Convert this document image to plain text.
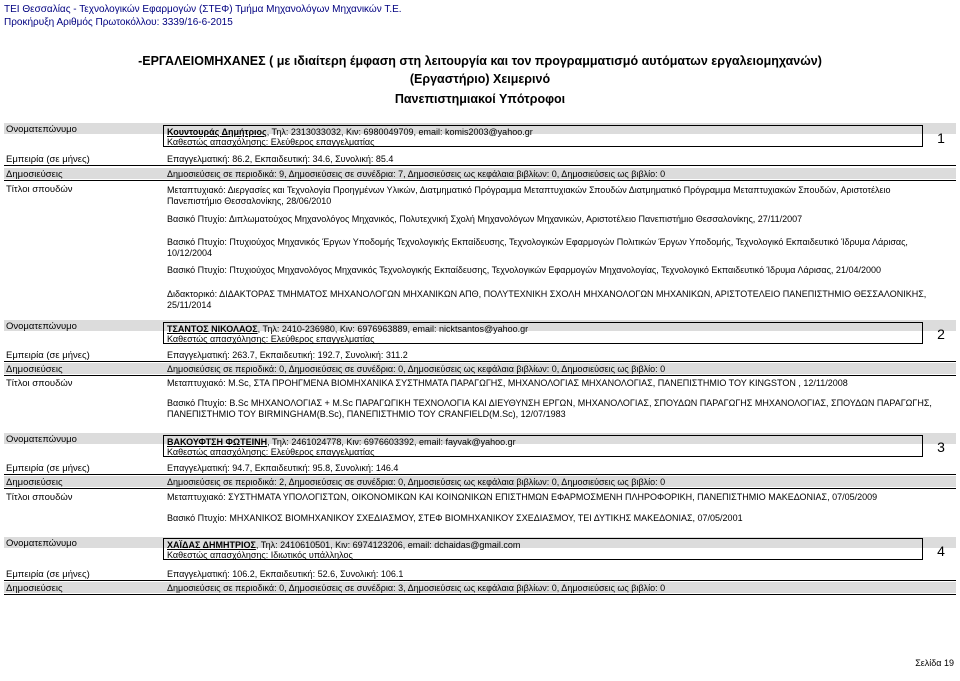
ΤΕΙ Θεσσαλίας - Τεχνολογικών Εφαρμογών (ΣΤΕΦ) Τμήμα Μηχανολόγων Μηχανικών Τ.Ε.
Προκήρυξη Αριθμός Πρωτοκόλλου: 3339/16-6-2015
-ΕΡΓΑΛΕΙΟΜΗΧΑΝΕΣ ( με ιδιαίτερη έμφαση στη λειτουργία και τον προγραμματισμό αυτόματων εργαλειομηχανών)
(Εργαστήριο) Χειμερινό
Πανεπιστημιακοί Υπότροφοι
Ονοματεπώνυμο	Κουντουράς Δημήτριος, Τηλ: 2313033032, Κιν: 6980049709, email: komis2003@yahoo.gr
Καθεστώς απασχόλησης: Ελεύθερος επαγγελματίας	1
Εμπειρία (σε μήνες)	Επαγγελματική: 86.2, Εκπαιδευτική: 34.6, Συνολική: 85.4
Δημοσιεύσεις	Δημοσιεύσεις σε περιοδικά: 9, Δημοσιεύσεις σε συνέδρια: 7, Δημοσιεύσεις ως κεφάλαια βιβλίων: 0, Δημοσιεύσεις ως βιβλίο: 0
Τίτλοι σπουδών	Μεταπτυχιακό: Διεργασίες και Τεχνολογία Προηγμένων Υλικών, Διατμηματικό Πρόγραμμα Μεταπτυχιακών Σπουδών Διατμηματικό Πρόγραμμα Μεταπτυχιακών Σπουδών, Αριστοτέλειο Πανεπιστήμιο Θεσσαλονίκης, 28/06/2010
Βασικό Πτυχίο: Διπλωματούχος Μηχανολόγος Μηχανικός, Πολυτεχνική Σχολή Μηχανολόγων Μηχανικών, Αριστοτέλειο Πανεπιστήμιο Θεσσαλονίκης, 27/11/2007
Βασικό Πτυχίο: Πτυχιούχος Μηχανικός Έργων Υποδομής Τεχνολογικής Εκπαίδευσης, Τεχνολογικών Εφαρμογών Πολιτικών Έργων Υποδομής, Τεχνολογικό Εκπαιδευτικό Ίδρυμα Λάρισας, 10/12/2004
Βασικό Πτυχίο: Πτυχιούχος Μηχανολόγος Μηχανικός Τεχνολογικής Εκπαίδευσης, Τεχνολογικών Εφαρμογών Μηχανολογίας, Τεχνολογικό Εκπαιδευτικό Ίδρυμα Λάρισας, 21/04/2000
Διδακτορικό: ΔΙΔΑΚΤΟΡΑΣ ΤΜΗΜΑΤΟΣ ΜΗΧΑΝΟΛΟΓΩΝ ΜΗΧΑΝΙΚΩΝ ΑΠΘ, ΠΟΛΥΤΕΧΝΙΚΗ ΣΧΟΛΗ ΜΗΧΑΝΟΛΟΓΩΝ ΜΗΧΑΝΙΚΩΝ, ΑΡΙΣΤΟΤΕΛΕΙΟ ΠΑΝΕΠΙΣΤΗΜΙΟ ΘΕΣΣΑΛΟΝΙΚΗΣ, 25/11/2014
Ονοματεπώνυμο	ΤΣΑΝΤΟΣ ΝΙΚΟΛΑΟΣ, Τηλ: 2410-236980, Κιν: 6976963889, email: nicktsantos@yahoo.gr
Καθεστώς απασχόλησης: Ελεύθερος επαγγελματίας	2
Εμπειρία (σε μήνες)	Επαγγελματική: 263.7, Εκπαιδευτική: 192.7, Συνολική: 311.2
Δημοσιεύσεις	Δημοσιεύσεις σε περιοδικά: 0, Δημοσιεύσεις σε συνέδρια: 0, Δημοσιεύσεις ως κεφάλαια βιβλίων: 0, Δημοσιεύσεις ως βιβλίο: 0
Τίτλοι σπουδών	Μεταπτυχιακό: M.Sc, ΣΤΑ ΠΡΟΗΓΜΕΝΑ ΒΙΟΜΗΧΑΝΙΚΑ ΣΥΣΤΗΜΑΤΑ ΠΑΡΑΓΩΓΗΣ, ΜΗΧΑΝΟΛΟΓΙΑΣ ΜΗΧΑΝΟΛΟΓΙΑΣ, ΠΑΝΕΠΙΣΤΗΜΙΟ ΤΟΥ KINGSTON , 12/11/2008
Βασικό Πτυχίο: B.Sc ΜΗΧΑΝΟΛΟΓΙΑΣ + M.Sc ΠΑΡΑΓΩΓΙΚΗ ΤΕΧΝΟΛΟΓΙΑ ΚΑΙ ΔΙΕΥΘΥΝΣΗ ΕΡΓΩΝ, ΜΗΧΑΝΟΛΟΓΙΑΣ, ΣΠΟΥΔΩΝ ΠΑΡΑΓΩΓΗΣ ΜΗΧΑΝΟΛΟΓΙΑΣ, ΣΠΟΥΔΩΝ ΠΑΡΑΓΩΓΗΣ, ΠΑΝΕΠΙΣΤΗΜΙΟ ΤΟΥ BIRMINGHAM(B.Sc), ΠΑΝΕΠΙΣΤΗΜΙΟ ΤΟΥ CRANFIELD(M.Sc), 12/07/1983
Ονοματεπώνυμο	ΒΑΚΟΥΦΤΣΗ ΦΩΤΕΙΝΗ, Τηλ: 2461024778, Κιν: 6976603392, email: fayvak@yahoo.gr
Καθεστώς απασχόλησης: Ελεύθερος επαγγελματίας	3
Εμπειρία (σε μήνες)	Επαγγελματική: 94.7, Εκπαιδευτική: 95.8, Συνολική: 146.4
Δημοσιεύσεις	Δημοσιεύσεις σε περιοδικά: 2, Δημοσιεύσεις σε συνέδρια: 0, Δημοσιεύσεις ως κεφάλαια βιβλίων: 0, Δημοσιεύσεις ως βιβλίο: 0
Τίτλοι σπουδών	Μεταπτυχιακό: ΣΥΣΤΗΜΑΤΑ ΥΠΟΛΟΓΙΣΤΩΝ, ΟΙΚΟΝΟΜΙΚΩΝ ΚΑΙ ΚΟΙΝΩΝΙΚΩΝ ΕΠΙΣΤΗΜΩΝ ΕΦΑΡΜΟΣΜΕΝΗ ΠΛΗΡΟΦΟΡΙΚΗ, ΠΑΝΕΠΙΣΤΗΜΙΟ ΜΑΚΕΔΟΝΙΑΣ, 07/05/2009
Βασικό Πτυχίο: ΜΗΧΑΝΙΚΟΣ ΒΙΟΜΗΧΑΝΙΚΟΥ ΣΧΕΔΙΑΣΜΟΥ, ΣΤΕΦ ΒΙΟΜΗΧΑΝΙΚΟΥ ΣΧΕΔΙΑΣΜΟΥ, ΤΕΙ ΔΥΤΙΚΗΣ ΜΑΚΕΔΟΝΙΑΣ, 07/05/2001
Ονοματεπώνυμο	ΧΑΪΔΑΣ ΔΗΜΗΤΡΙΟΣ, Τηλ: 2410610501, Κιν: 6974123206, email: dchaidas@gmail.com
Καθεστώς απασχόλησης: Ιδιωτικός υπάλληλος	4
Εμπειρία (σε μήνες)	Επαγγελματική: 106.2, Εκπαιδευτική: 52.6, Συνολική: 106.1
Δημοσιεύσεις	Δημοσιεύσεις σε περιοδικά: 0, Δημοσιεύσεις σε συνέδρια: 3, Δημοσιεύσεις ως κεφάλαια βιβλίων: 0, Δημοσιεύσεις ως βιβλίο: 0
Σελίδα 19
